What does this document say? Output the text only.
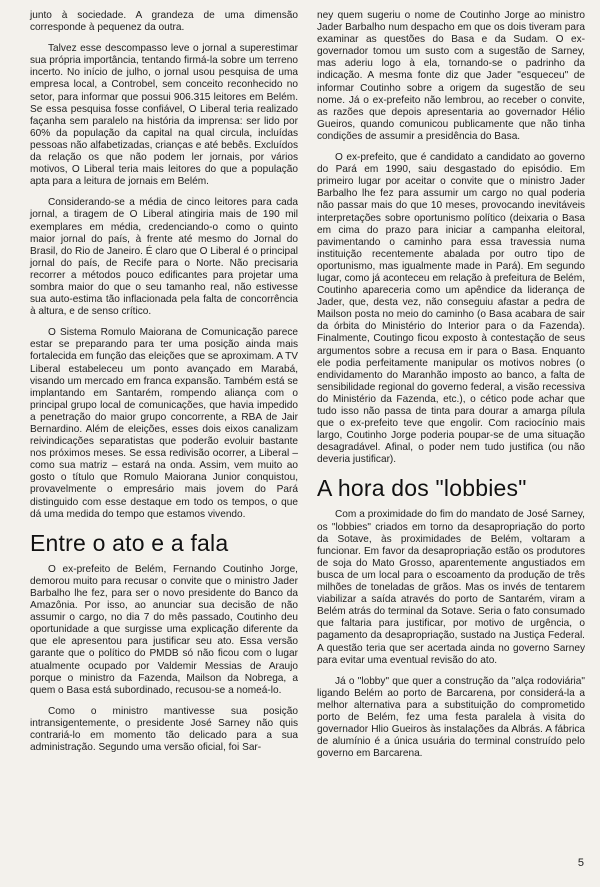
junto à sociedade. A grandeza de uma dimensão corresponde à pequenez da outra.

Talvez esse descompasso leve o jornal a superestimar sua própria importância, tentando firmá-la sobre um terreno incerto. No início de julho, o jornal usou pesquisa de uma empresa local, a Controbel, sem conceito reconhecido no setor, para informar que possui 906.315 leitores em Belém. Se essa pesquisa fosse confiável, O Liberal teria realizado façanha sem paralelo na história da imprensa: ser lido por 60% da população da capital na qual circula, incluídas pessoas não alfabetizadas, crianças e até bebês. Excluídos da relação os que não podem ler jornais, por vários motivos, O Liberal teria mais leitores do que a população apta para a leitura de jornais em Belém.

Considerando-se a média de cinco leitores para cada jornal, a tiragem de O Liberal atingiria mais de 190 mil exemplares em média, credenciando-o como o quinto maior jornal do país, à frente até mesmo do Jornal do Brasil, do Rio de Janeiro. É claro que O Liberal é o principal jornal do país, de Recife para o Norte. Não precisaria recorrer a métodos pouco edificantes para projetar uma sombra maior do que o seu tamanho real, não estivesse sua auto-estima tão inflacionada pela falta de concorrência à altura, e de senso crítico.

O Sistema Romulo Maiorana de Comunicação parece estar se preparando para ter uma posição ainda mais fortalecida em função das eleições que se aproximam. A TV Liberal estabeleceu um ponto avançado em Marabá, visando um mercado em franca expansão. Também está se implantando em Santarém, rompendo aliança com o principal grupo local de comunicações, que havia impedido a penetração do maior grupo concorrente, a RBA de Jair Bernardino. Além de eleições, esses dois eixos canalizam reivindicações separatistas que poderão evoluir bastante nos próximos meses. Se essa redivisão ocorrer, a Liberal – como sua matriz – estará na onda. Assim, vem muito ao gosto o título que Romulo Maiorana Junior conquistou, provavelmente o empresário mais jovem do Pará distinguido com esse destaque em todo os tempos, o que dá uma medida do tempo que estamos vivendo.

Entre o ato e a fala

O ex-prefeito de Belém, Fernando Coutinho Jorge, demorou muito para recusar o convite que o ministro Jader Barbalho lhe fez, para ser o novo presidente do Banco da Amazônia. Por isso, ao anunciar sua decisão de não assumir o cargo, no dia 7 do mês passado, Coutinho deu oportunidade a que surgisse uma explicação diferente da que ele apresentou para justificar seu ato. Essa versão garante que o político do PMDB só não ficou com o lugar atualmente ocupado por Valdemir Messias de Araujo porque o ministro da Fazenda, Mailson da Nobrega, a quem o Basa está subordinado, recusou-se a nomeá-lo.

Como o ministro mantivesse sua posição intransigentemente, o presidente José Sarney não quis contrariá-lo em momento tão delicado para a sua administração. Segundo uma versão oficial, foi Sar-

ney quem sugeriu o nome de Coutinho Jorge ao ministro Jader Barbalho num despacho em que os dois tiveram para examinar as questões do Basa e da Sudam. O ex-governador tomou um susto com a sugestão de Sarney, mas aderiu logo à ela, tornando-se o padrinho da indicação. A mesma fonte diz que Jader "esqueceu" de informar Coutinho sobre a origem da sugestão de seu nome. Já o ex-prefeito não lembrou, ao receber o convite, as razões que depois apresentaria ao governador Hélio Gueiros, quando comunicou publicamente que não tinha condições de assumir a presidência do Basa.

O ex-prefeito, que é candidato a candidato ao governo do Pará em 1990, saiu desgastado do episódio. Em primeiro lugar por aceitar o convite que o ministro Jader Barbalho lhe fez para assumir um cargo no qual poderia não passar mais do que 10 meses, provocando inevitáveis interpretações sobre oportunismo político (deixaria o Basa em cima do prazo para iniciar a campanha eleitoral, pavimentando o caminho para essa travessia numa instituição recentemente abalada por outro tipo de oportunismo, mas igualmente made in Pará). Em segundo lugar, como já aconteceu em relação à prefeitura de Belém, Coutinho apareceria como um apêndice da liderança de Jader, que, desta vez, não conseguiu afastar a pedra de Mailson posta no meio do caminho (o Basa acabara de sair da órbita do Ministério do Interior para o da Fazenda). Finalmente, Coutingo ficou exposto à contestação de seus argumentos sobre a recusa em ir para o Basa. Enquanto ele podia perfeitamente manipular os motivos nobres (o endividamento do Maranhão imposto ao banco, a falta de sensibilidade regional do governo federal, a visão recessiva do Ministério da Fazenda, etc.), o cético pode achar que tudo isso não passa de tinta para dourar a amarga pílula que o ex-prefeito teve que engolir. Com raciocínio mais largo, Coutinho Jorge poderia poupar-se de uma situação desagradável. Afinal, o poder nem tudo justifica (ou não deveria justificar).

A hora dos "lobbies"

Com a proximidade do fim do mandato de José Sarney, os "lobbies" criados em torno da desapropriação do porto da Sotave, às proximidades de Belém, voltaram a funcionar. Em favor da desapropriação estão os produtores de soja do Mato Grosso, aparentemente angustiados em busca de um local para o escoamento da produção de três milhões de toneladas de grãos. Mas os invés de tentarem viabilizar a saída através do porto de Santarém, viram a Belém atrás do terminal da Sotave. Seria o fato consumado que faltaria para justificar, por motivo de urgência, o pagamento da desapropriação, sustado na Justiça Federal. A questão teria que ser acertada ainda no governo Sarney para evitar uma eventual revisão do ato.

Já o "lobby" que quer a construção da "alça rodoviária" ligando Belém ao porto de Barcarena, por considerá-la a melhor alternativa para a substituição do comprometido porto de Belém, fez uma festa paralela à visita do governador Hlio Gueiros às instalações da Albrás. A fábrica de alumínio é a única usuária do terminal construído pelo governo em Barcarena.

5
